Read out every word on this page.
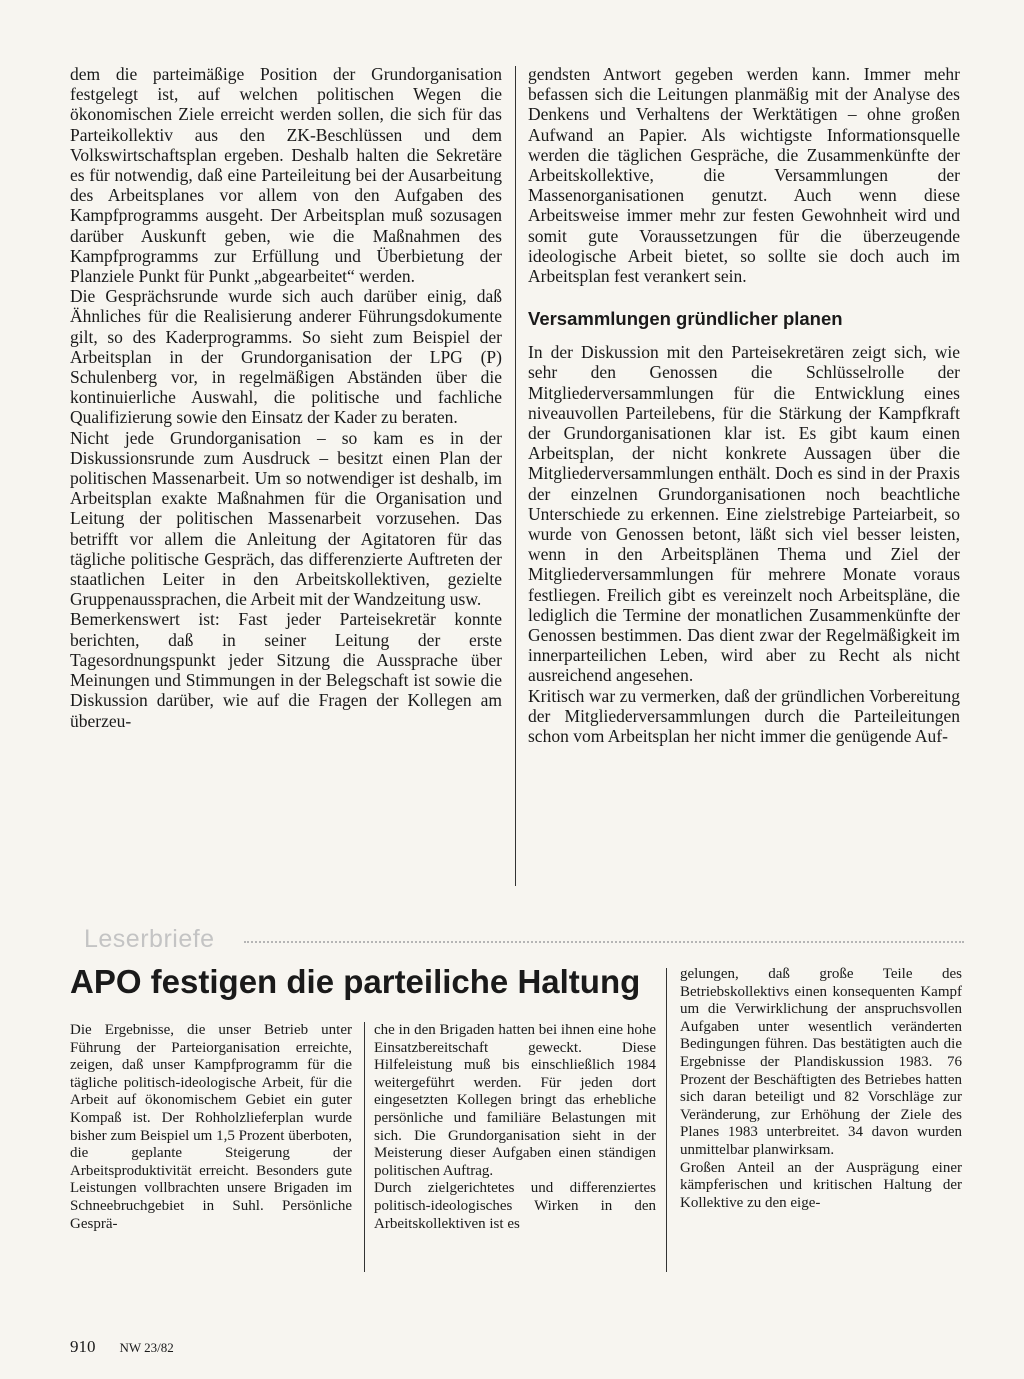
dem die parteimäßige Position der Grundorganisation festgelegt ist, auf welchen politischen Wegen die ökonomischen Ziele erreicht werden sollen, die sich für das Parteikollektiv aus den ZK-Beschlüssen und dem Volkswirtschaftsplan ergeben. Deshalb halten die Sekretäre es für notwendig, daß eine Parteileitung bei der Ausarbeitung des Arbeitsplanes vor allem von den Aufgaben des Kampfprogramms ausgeht. Der Arbeitsplan muß sozusagen darüber Auskunft geben, wie die Maßnahmen des Kampfprogramms zur Erfüllung und Überbietung der Planziele Punkt für Punkt „abgearbeitet“ werden.

Die Gesprächsrunde wurde sich auch darüber einig, daß Ähnliches für die Realisierung anderer Führungsdokumente gilt, so des Kaderprogramms. So sieht zum Beispiel der Arbeitsplan in der Grundorganisation der LPG (P) Schulenberg vor, in regelmäßigen Abständen über die kontinuierliche Auswahl, die politische und fachliche Qualifizierung sowie den Einsatz der Kader zu beraten.

Nicht jede Grundorganisation – so kam es in der Diskussionsrunde zum Ausdruck – besitzt einen Plan der politischen Massenarbeit. Um so notwendiger ist deshalb, im Arbeitsplan exakte Maßnahmen für die Organisation und Leitung der politischen Massenarbeit vorzusehen. Das betrifft vor allem die Anleitung der Agitatoren für das tägliche politische Gespräch, das differenzierte Auftreten der staatlichen Leiter in den Arbeitskollektiven, gezielte Gruppenaussprachen, die Arbeit mit der Wandzeitung usw.

Bemerkenswert ist: Fast jeder Parteisekretär konnte berichten, daß in seiner Leitung der erste Tagesordnungspunkt jeder Sitzung die Aussprache über Meinungen und Stimmungen in der Belegschaft ist sowie die Diskussion darüber, wie auf die Fragen der Kollegen am überzeu-

gendsten Antwort gegeben werden kann. Immer mehr befassen sich die Leitungen planmäßig mit der Analyse des Denkens und Verhaltens der Werktätigen – ohne großen Aufwand an Papier. Als wichtigste Informationsquelle werden die täglichen Gespräche, die Zusammenkünfte der Arbeitskollektive, die Versammlungen der Massenorganisationen genutzt. Auch wenn diese Arbeitsweise immer mehr zur festen Gewohnheit wird und somit gute Voraussetzungen für die überzeugende ideologische Arbeit bietet, so sollte sie doch auch im Arbeitsplan fest verankert sein.

Versammlungen gründlicher planen

In der Diskussion mit den Parteisekretären zeigt sich, wie sehr den Genossen die Schlüsselrolle der Mitgliederversammlungen für die Entwicklung eines niveauvollen Parteilebens, für die Stärkung der Kampfkraft der Grundorganisationen klar ist. Es gibt kaum einen Arbeitsplan, der nicht konkrete Aussagen über die Mitgliederversammlungen enthält. Doch es sind in der Praxis der einzelnen Grundorganisationen noch beachtliche Unterschiede zu erkennen. Eine zielstrebige Parteiarbeit, so wurde von Genossen betont, läßt sich viel besser leisten, wenn in den Arbeitsplänen Thema und Ziel der Mitgliederversammlungen für mehrere Monate voraus festliegen. Freilich gibt es vereinzelt noch Arbeitspläne, die lediglich die Termine der monatlichen Zusammenkünfte der Genossen bestimmen. Das dient zwar der Regelmäßigkeit im innerparteilichen Leben, wird aber zu Recht als nicht ausreichend angesehen.

Kritisch war zu vermerken, daß der gründlichen Vorbereitung der Mitgliederversammlungen durch die Parteileitungen schon vom Arbeitsplan her nicht immer die genügende Auf-

Leserbriefe
APO festigen die parteiliche Haltung

Die Ergebnisse, die unser Betrieb unter Führung der Parteiorganisation erreichte, zeigen, daß unser Kampfprogramm für die tägliche politisch-ideologische Arbeit, für die Arbeit auf ökonomischem Gebiet ein guter Kompaß ist. Der Rohholzlieferplan wurde bisher zum Beispiel um 1,5 Prozent überboten, die geplante Steigerung der Arbeitsproduktivität erreicht. Besonders gute Leistungen vollbrachten unsere Brigaden im Schneebruchgebiet in Suhl. Persönliche Gesprä-

che in den Brigaden hatten bei ihnen eine hohe Einsatzbereitschaft geweckt. Diese Hilfeleistung muß bis einschließlich 1984 weitergeführt werden. Für jeden dort eingesetzten Kollegen bringt das erhebliche persönliche und familiäre Belastungen mit sich. Die Grundorganisation sieht in der Meisterung dieser Aufgaben einen ständigen politischen Auftrag.

Durch zielgerichtetes und differenziertes politisch-ideologisches Wirken in den Arbeitskollektiven ist es

gelungen, daß große Teile des Betriebskollektivs einen konsequenten Kampf um die Verwirklichung der anspruchsvollen Aufgaben unter wesentlich veränderten Bedingungen führen. Das bestätigten auch die Ergebnisse der Plandiskussion 1983. 76 Prozent der Beschäftigten des Betriebes hatten sich daran beteiligt und 82 Vorschläge zur Veränderung, zur Erhöhung der Ziele des Planes 1983 unterbreitet. 34 davon wurden unmittelbar planwirksam.

Großen Anteil an der Ausprägung einer kämpferischen und kritischen Haltung der Kollektive zu den eige-

910 NW 23/82
